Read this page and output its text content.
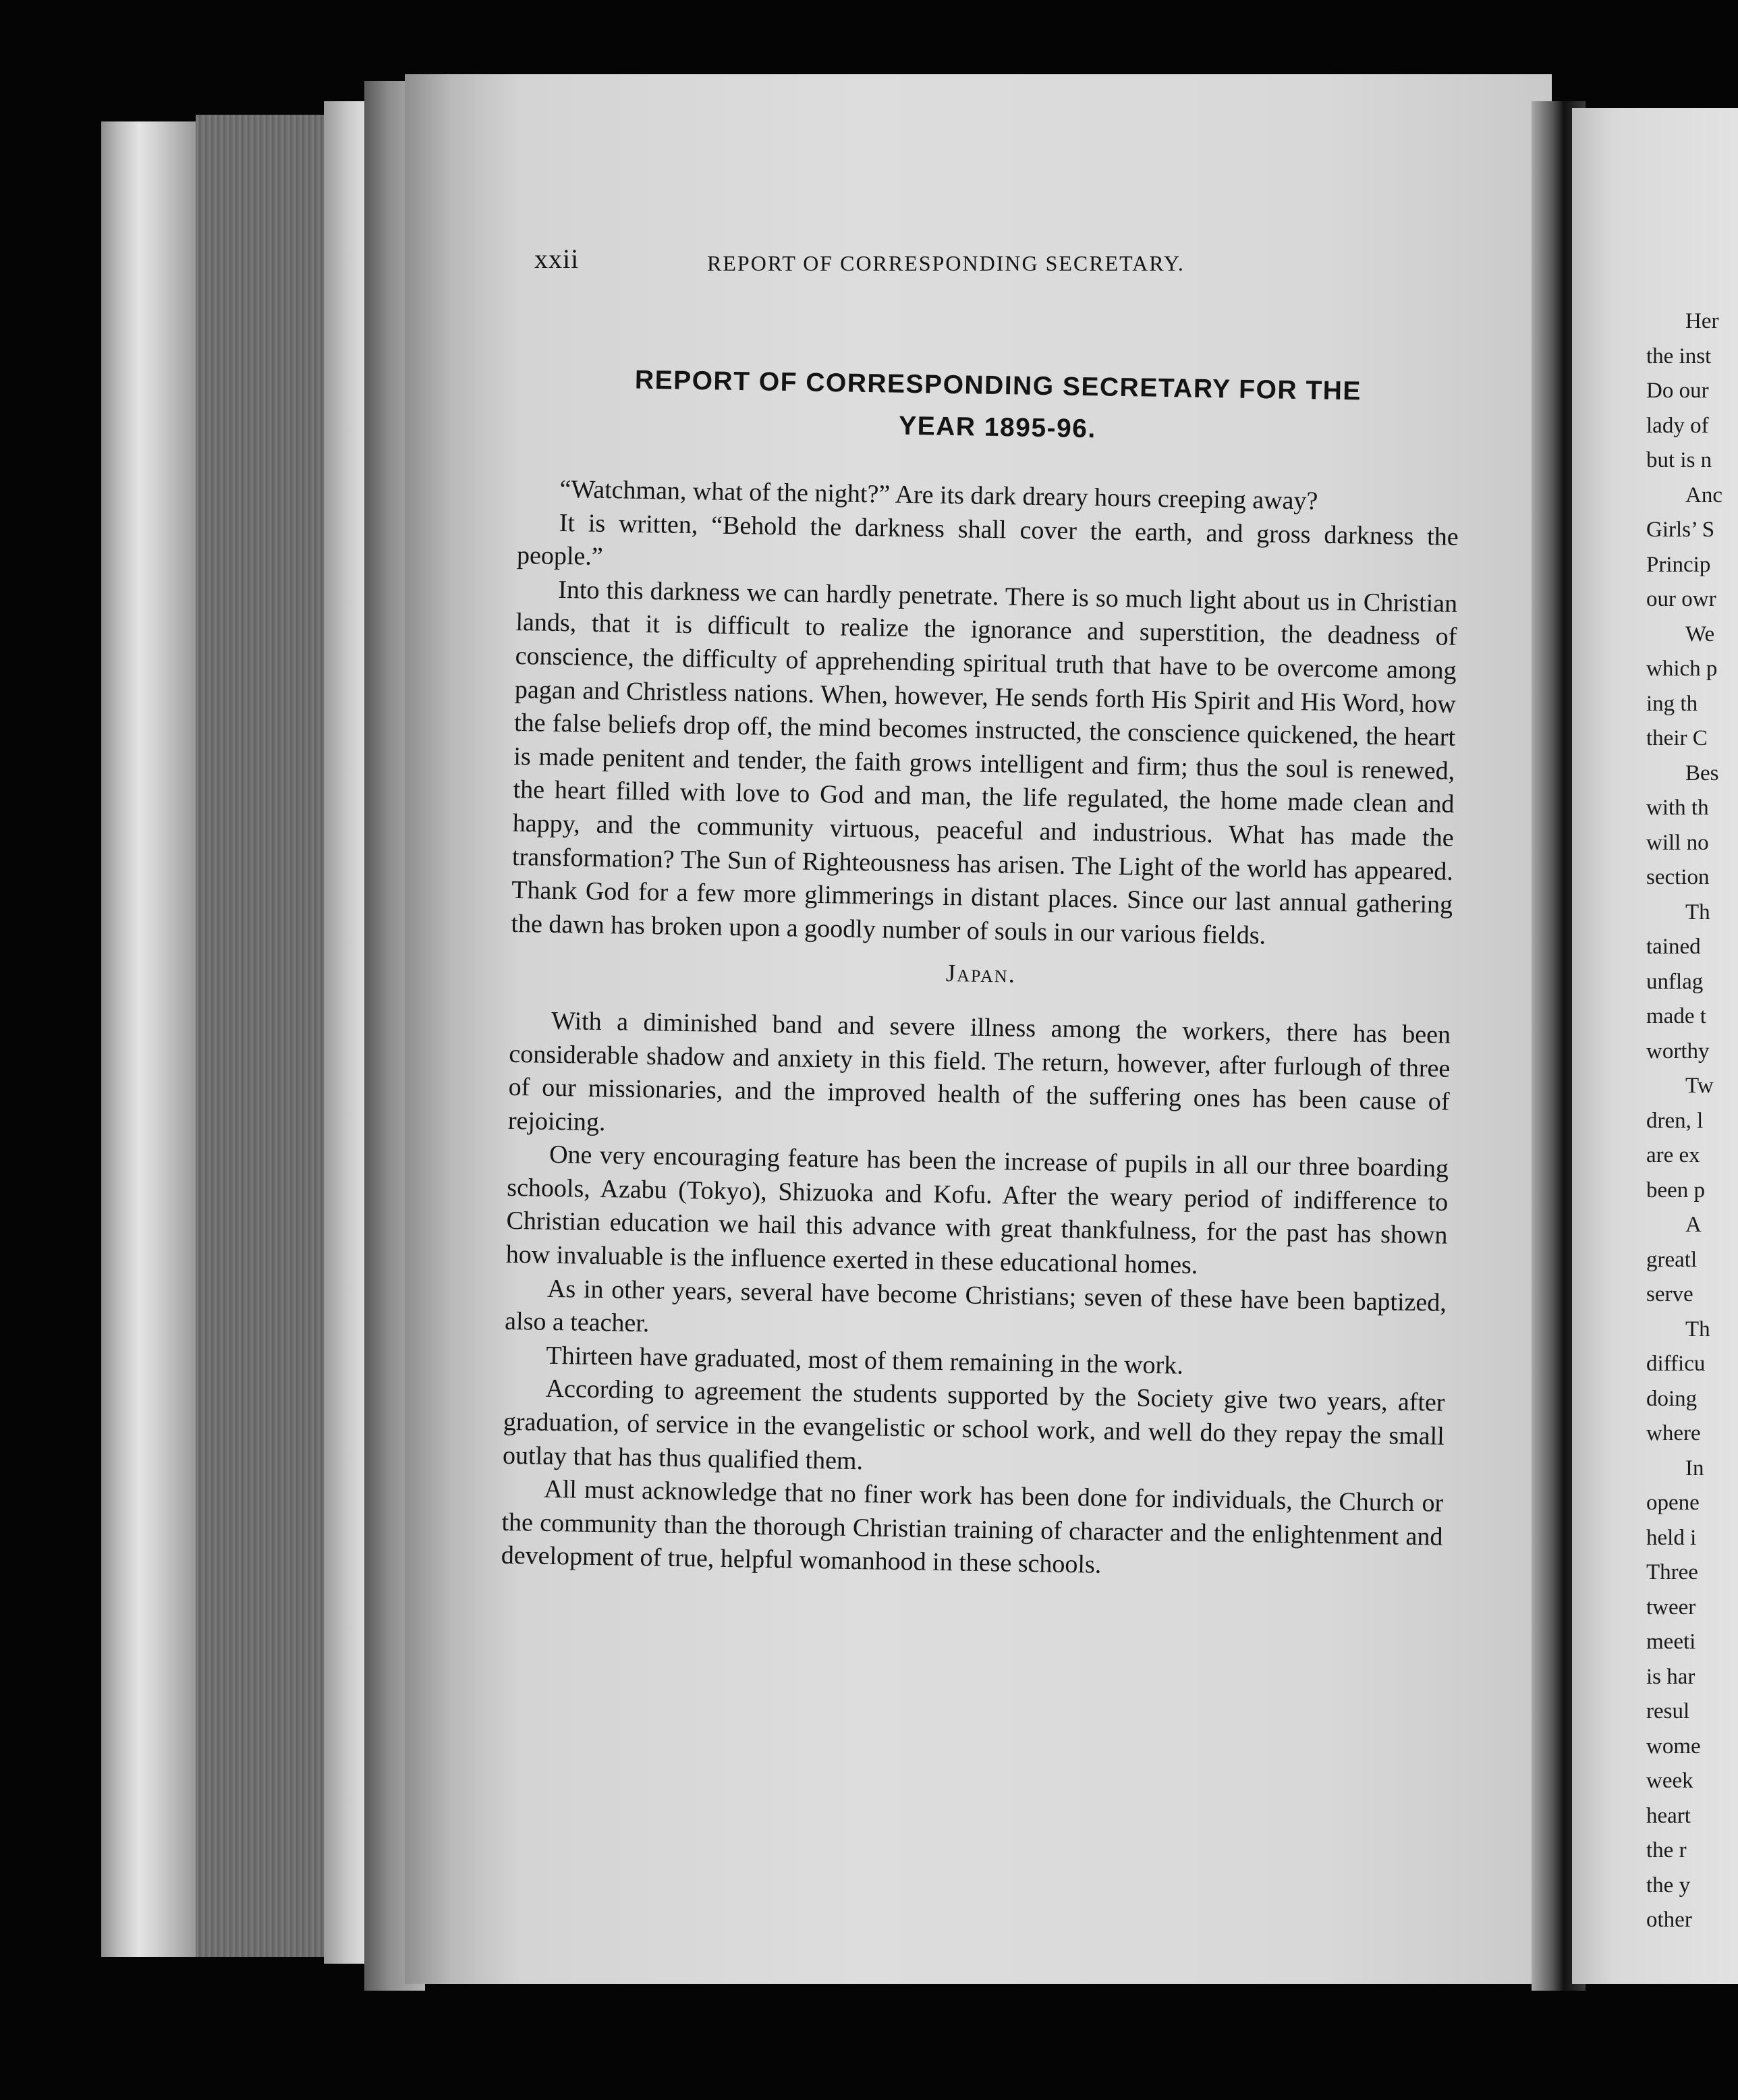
xxii	REPORT OF CORRESPONDING SECRETARY.
REPORT OF CORRESPONDING SECRETARY FOR THE
YEAR 1895-96.

“Watchman, what of the night?” Are its dark dreary hours creeping away?

It is written, “Behold the darkness shall cover the earth, and gross darkness the people.”

Into this darkness we can hardly penetrate. There is so much light about us in Christian lands, that it is difficult to realize the ignorance and superstition, the deadness of conscience, the difficulty of apprehending spiritual truth that have to be overcome among pagan and Christless nations. When, however, He sends forth His Spirit and His Word, how the false beliefs drop off, the mind becomes instructed, the conscience quickened, the heart is made penitent and tender, the faith grows intelligent and firm; thus the soul is renewed, the heart filled with love to God and man, the life regulated, the home made clean and happy, and the community virtuous, peaceful and industrious. What has made the transformation? The Sun of Righteousness has arisen. The Light of the world has appeared. Thank God for a few more glimmerings in distant places. Since our last annual gathering the dawn has broken upon a goodly number of souls in our various fields.

Japan.

With a diminished band and severe illness among the workers, there has been considerable shadow and anxiety in this field. The return, however, after furlough of three of our missionaries, and the improved health of the suffering ones has been cause of rejoicing.

One very encouraging feature has been the increase of pupils in all our three boarding schools, Azabu (Tokyo), Shizuoka and Kofu. After the weary period of indifference to Christian education we hail this advance with great thankfulness, for the past has shown how invaluable is the influence exerted in these educational homes.

As in other years, several have become Christians; seven of these have been baptized, also a teacher.

Thirteen have graduated, most of them remaining in the work.

According to agreement the students supported by the Society give two years, after graduation, of service in the evangelistic or school work, and well do they repay the small outlay that has thus qualified them.

All must acknowledge that no finer work has been done for individuals, the Church or the community than the thorough Christian training of character and the enlightenment and development of true, helpful womanhood in these schools.

Her
the inst
Do our
lady of
but is n
Anc
Girls’ S
Princip
our owr
We
which p
ing th
their C
Bes
with th
will no
section
Th
tained
unflag
made t
worthy
Tw
dren, l
are ex
been p
A
greatl
serve
Th
difficu
doing
where
In
opene
held i
Three
tweer
meeti
is har
resul
wome
week
heart
the r
the y
other
